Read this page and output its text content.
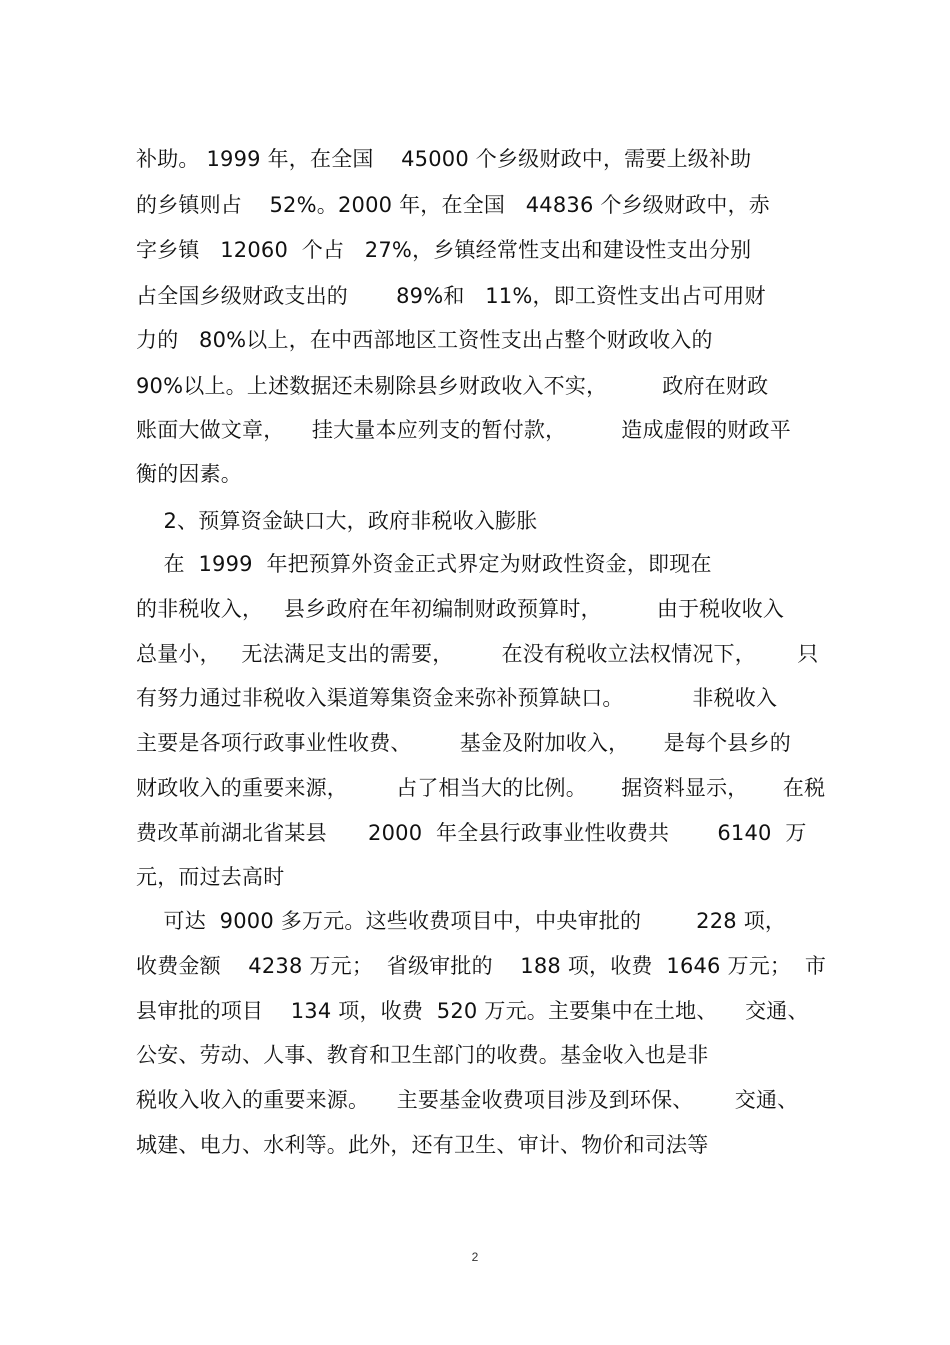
补助。 1999 年，在全国    45000 个乡级财政中，需要上级补助
的乡镇则占    52%。2000 年，在全国   44836 个乡级财政中，赤
字乡镇   12060  个占   27%，乡镇经常性支出和建设性支出分别
占全国乡级财政支出的       89%和   11%，即工资性支出占可用财
力的   80%以上，在中西部地区工资性支出占整个财政收入的
90%以上。上述数据还未剔除县乡财政收入不实，        政府在财政
账面大做文章，    挂大量本应列支的暂付款，        造成虚假的财政平
衡的因素。
2、预算资金缺口大，政府非税收入膨胀
在  1999  年把预算外资金正式界定为财政性资金，即现在
的非税收入，   县乡政府在年初编制财政预算时，        由于税收收入
总量小，   无法满足支出的需要，       在没有税收立法权情况下，      只
有努力通过非税收入渠道筹集资金来弥补预算缺口。          非税收入
主要是各项行政事业性收费、       基金及附加收入，     是每个县乡的
财政收入的重要来源，       占了相当大的比例。     据资料显示，     在税
费改革前湖北省某县      2000  年全县行政事业性收费共       6140  万
元，而过去高时
可达  9000 多万元。这些收费项目中，中央审批的        228 项，
收费金额    4238 万元；  省级审批的    188 项，收费  1646 万元；  市
县审批的项目    134 项，收费  520 万元。主要集中在土地、    交通、
公安、劳动、人事、教育和卫生部门的收费。基金收入也是非
税收入收入的重要来源。    主要基金收费项目涉及到环保、      交通、
城建、电力、水利等。此外，还有卫生、审计、物价和司法等
2
